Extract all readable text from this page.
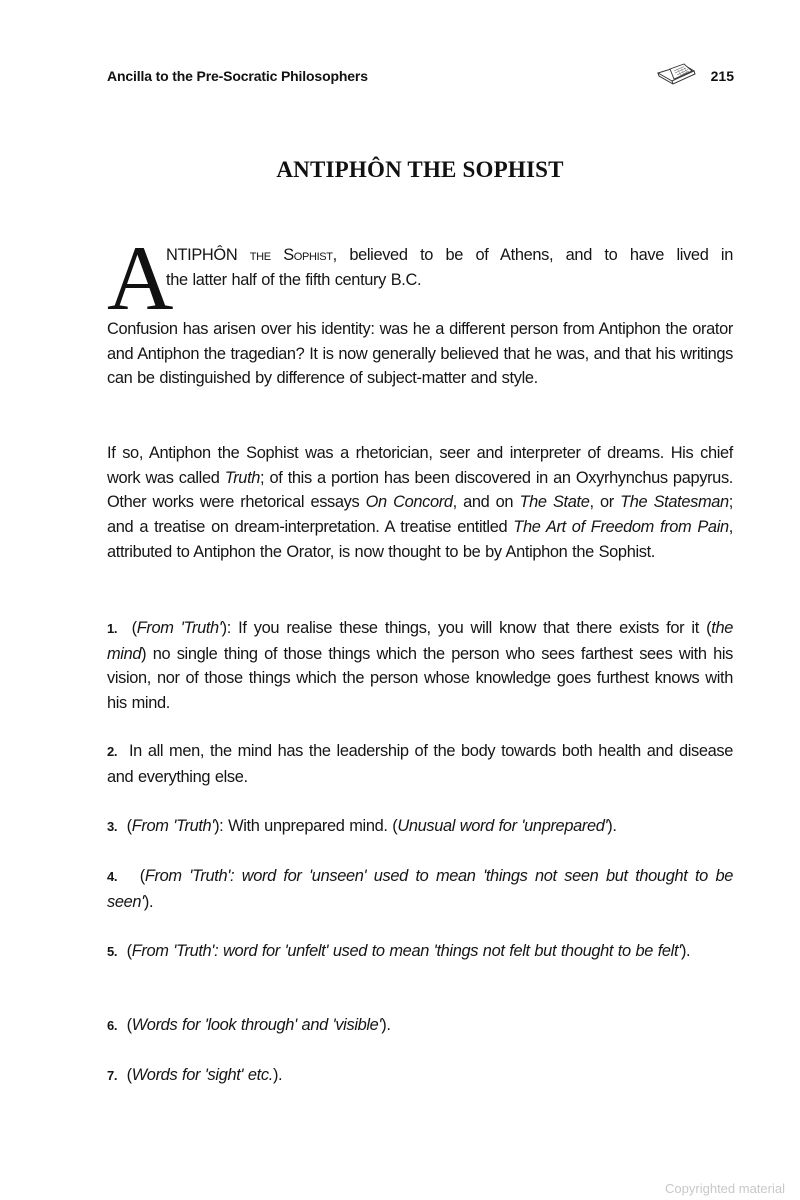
Ancilla to the Pre-Socratic Philosophers	215
ANTIPHÔN THE SOPHIST
A

NTIPHÔN the Sophist, believed to be of Athens, and to have lived in

the latter half of the fifth century B.C.

Confusion has arisen over his identity: was he a different person from Antiphon the orator and Antiphon the tragedian? It is now generally believed that he was, and that his writings can be distinguished by difference of subject-matter and style.

If so, Antiphon the Sophist was a rhetorician, seer and interpreter of dreams. His chief work was called Truth; of this a portion has been discovered in an Oxyrhynchus papyrus. Other works were rhetorical essays On Concord, and on The State, or The Statesman; and a treatise on dream-interpretation. A treatise entitled The Art of Freedom from Pain, attributed to Antiphon the Orator, is now thought to be by Antiphon the Sophist.

1. (From 'Truth'): If you realise these things, you will know that there exists for it (the mind) no single thing of those things which the person who sees farthest sees with his vision, nor of those things which the person whose knowledge goes furthest knows with his mind.

2. In all men, the mind has the leadership of the body towards both health and disease and everything else.

3. (From 'Truth'): With unprepared mind. (Unusual word for 'unprepared').

4. (From 'Truth': word for 'unseen' used to mean 'things not seen but thought to be seen').

5. (From 'Truth': word for 'unfelt' used to mean 'things not felt but thought to be felt').

6. (Words for 'look through' and 'visible').

7. (Words for 'sight' etc.).

Copyrighted material
